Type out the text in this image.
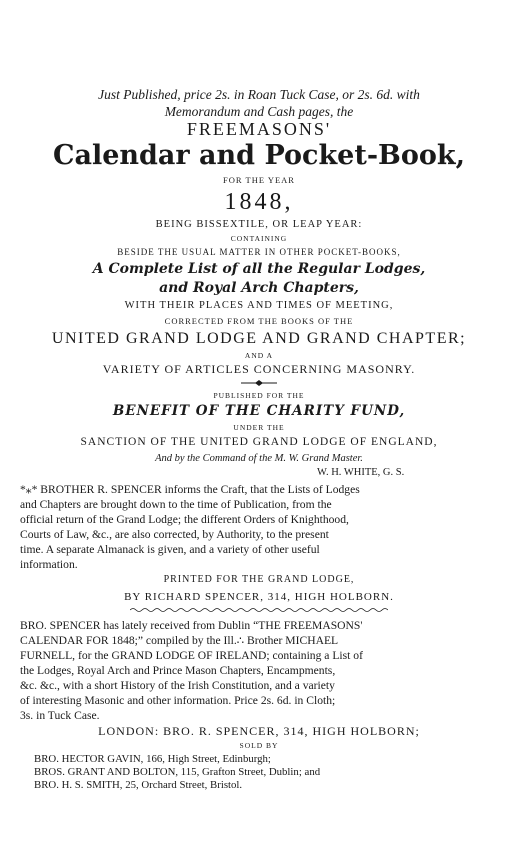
Just Published, price 2s. in Roan Tuck Case, or 2s. 6d. with
Memorandum and Cash pages, the
FREEMASONS'
Calendar and Pocket-Book,
FOR THE YEAR
1848,
BEING BISSEXTILE, OR LEAP YEAR:
CONTAINING
BESIDE THE USUAL MATTER IN OTHER POCKET-BOOKS,
A Complete List of all the Regular Lodges,
and Royal Arch Chapters,
WITH THEIR PLACES AND TIMES OF MEETING,
CORRECTED FROM THE BOOKS OF THE
UNITED GRAND LODGE AND GRAND CHAPTER;
AND A
VARIETY OF ARTICLES CONCERNING MASONRY.
PUBLISHED FOR THE
BENEFIT OF THE CHARITY FUND,
UNDER THE
SANCTION OF THE UNITED GRAND LODGE OF ENGLAND,
And by the Command of the M. W. Grand Master.
W. H. WHITE, G. S.
*⁎* BROTHER R. SPENCER informs the Craft, that the Lists of Lodges
and Chapters are brought down to the time of Publication, from the
official return of the Grand Lodge; the different Orders of Knighthood,
Courts of Law, &c., are also corrected, by Authority, to the present
time. A separate Almanack is given, and a variety of other useful
information.
PRINTED FOR THE GRAND LODGE,
BY RICHARD SPENCER, 314, HIGH HOLBORN.
BRO. SPENCER has lately received from Dublin “THE FREEMASONS'
CALENDAR FOR 1848;” compiled by the Ill.∴ Brother MICHAEL
FURNELL, for the GRAND LODGE OF IRELAND; containing a List of
the Lodges, Royal Arch and Prince Mason Chapters, Encampments,
&c. &c., with a short History of the Irish Constitution, and a variety
of interesting Masonic and other information. Price 2s. 6d. in Cloth;
3s. in Tuck Case.
LONDON: BRO. R. SPENCER, 314, HIGH HOLBORN;
SOLD BY
BRO. HECTOR GAVIN, 166, High Street, Edinburgh;
BROS. GRANT AND BOLTON, 115, Grafton Street, Dublin; and
BRO. H. S. SMITH, 25, Orchard Street, Bristol.
